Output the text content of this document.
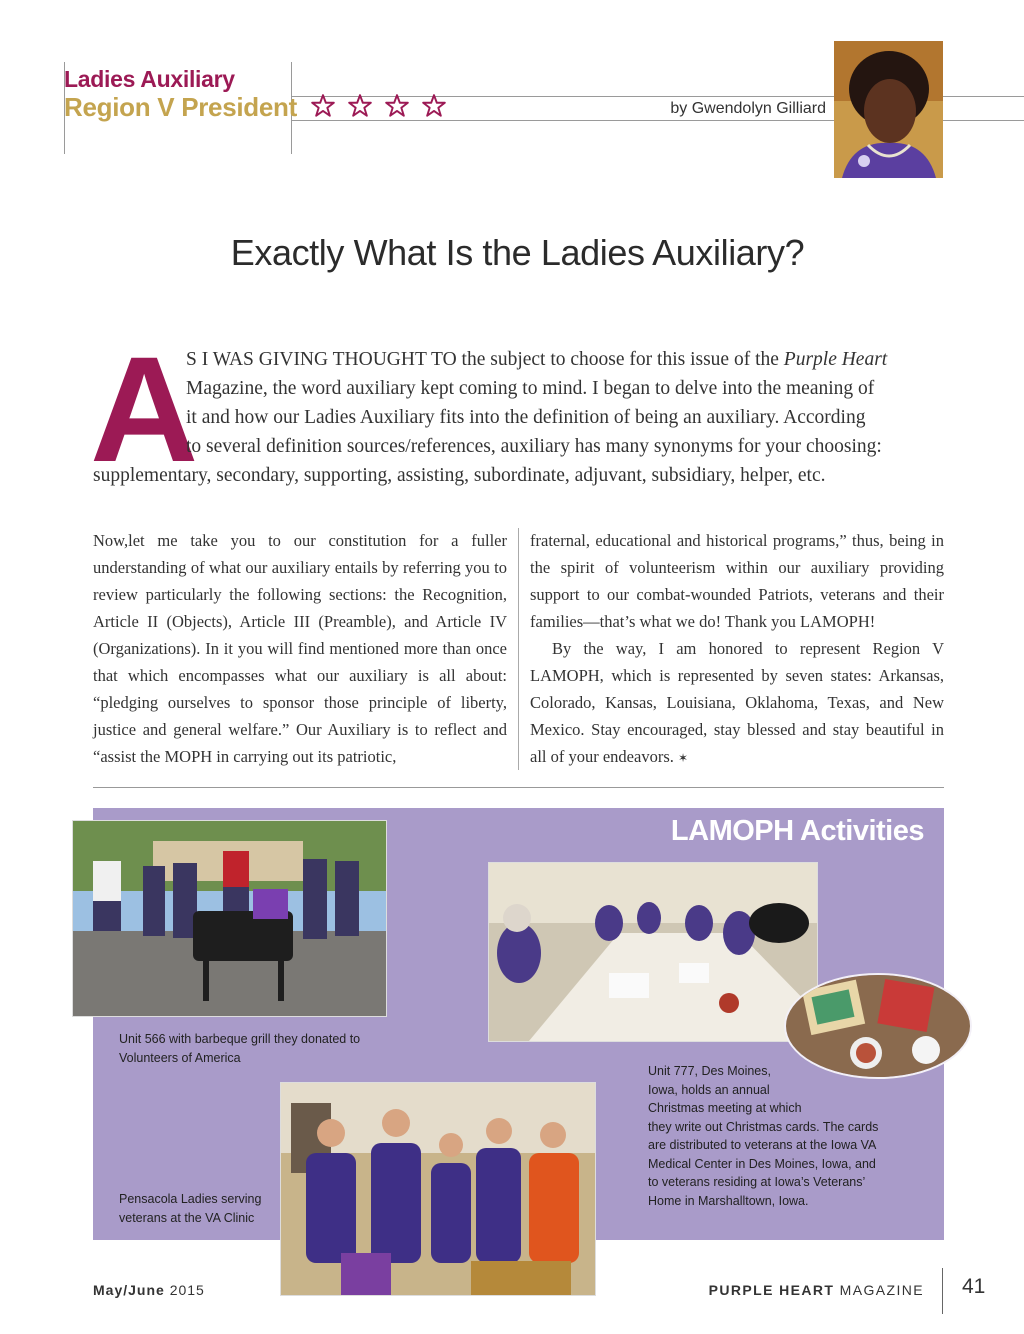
Ladies Auxiliary
Region V President	by Gwendolyn Gilliard
Exactly What Is the Ladies Auxiliary?
A
S I WAS GIVING THOUGHT TO the subject to choose for this issue of the Purple Heart
Magazine, the word auxiliary kept coming to mind. I began to delve into the meaning of
it and how our Ladies Auxiliary fits into the definition of being an auxiliary. According
to several definition sources/references, auxiliary has many synonyms for your choosing:
supplementary, secondary, supporting, assisting, subordinate, adjuvant, subsidiary, helper, etc.

Now,let me take you to our constitution for a fuller understanding of what our auxiliary entails by referring you to review particularly the following sections: the Recognition, Article II (Objects), Article III (Preamble), and Article IV (Organizations). In it you will find mentioned more than once that which encompasses what our auxiliary is all about: “pledging ourselves to sponsor those principle of liberty, justice and general welfare.” Our Auxiliary is to reflect and “assist the MOPH in carrying out its patriotic,

fraternal, educational and historical programs,” thus, being in the spirit of volunteerism within our auxiliary providing support to our combat-wounded Patriots, veterans and their families—that’s what we do! Thank you LAMOPH!

By the way, I am honored to represent Region V LAMOPH, which is represented by seven states: Arkansas, Colorado, Kansas, Louisiana, Oklahoma, Texas, and New Mexico. Stay encouraged, stay blessed and stay beautiful in all of your endeavors. ✶

LAMOPH Activities
Unit 566 with barbeque grill they donated to
Volunteers of America
Pensacola Ladies serving
veterans at the VA Clinic
Unit 777, Des Moines,
Iowa, holds an annual
Christmas meeting at which
they write out Christmas cards. The cards
are distributed to veterans at the Iowa VA
Medical Center in Des Moines, Iowa, and
to veterans residing at Iowa’s Veterans’
Home in Marshalltown, Iowa.
May/June 2015	PURPLE HEART MAGAZINE 41
